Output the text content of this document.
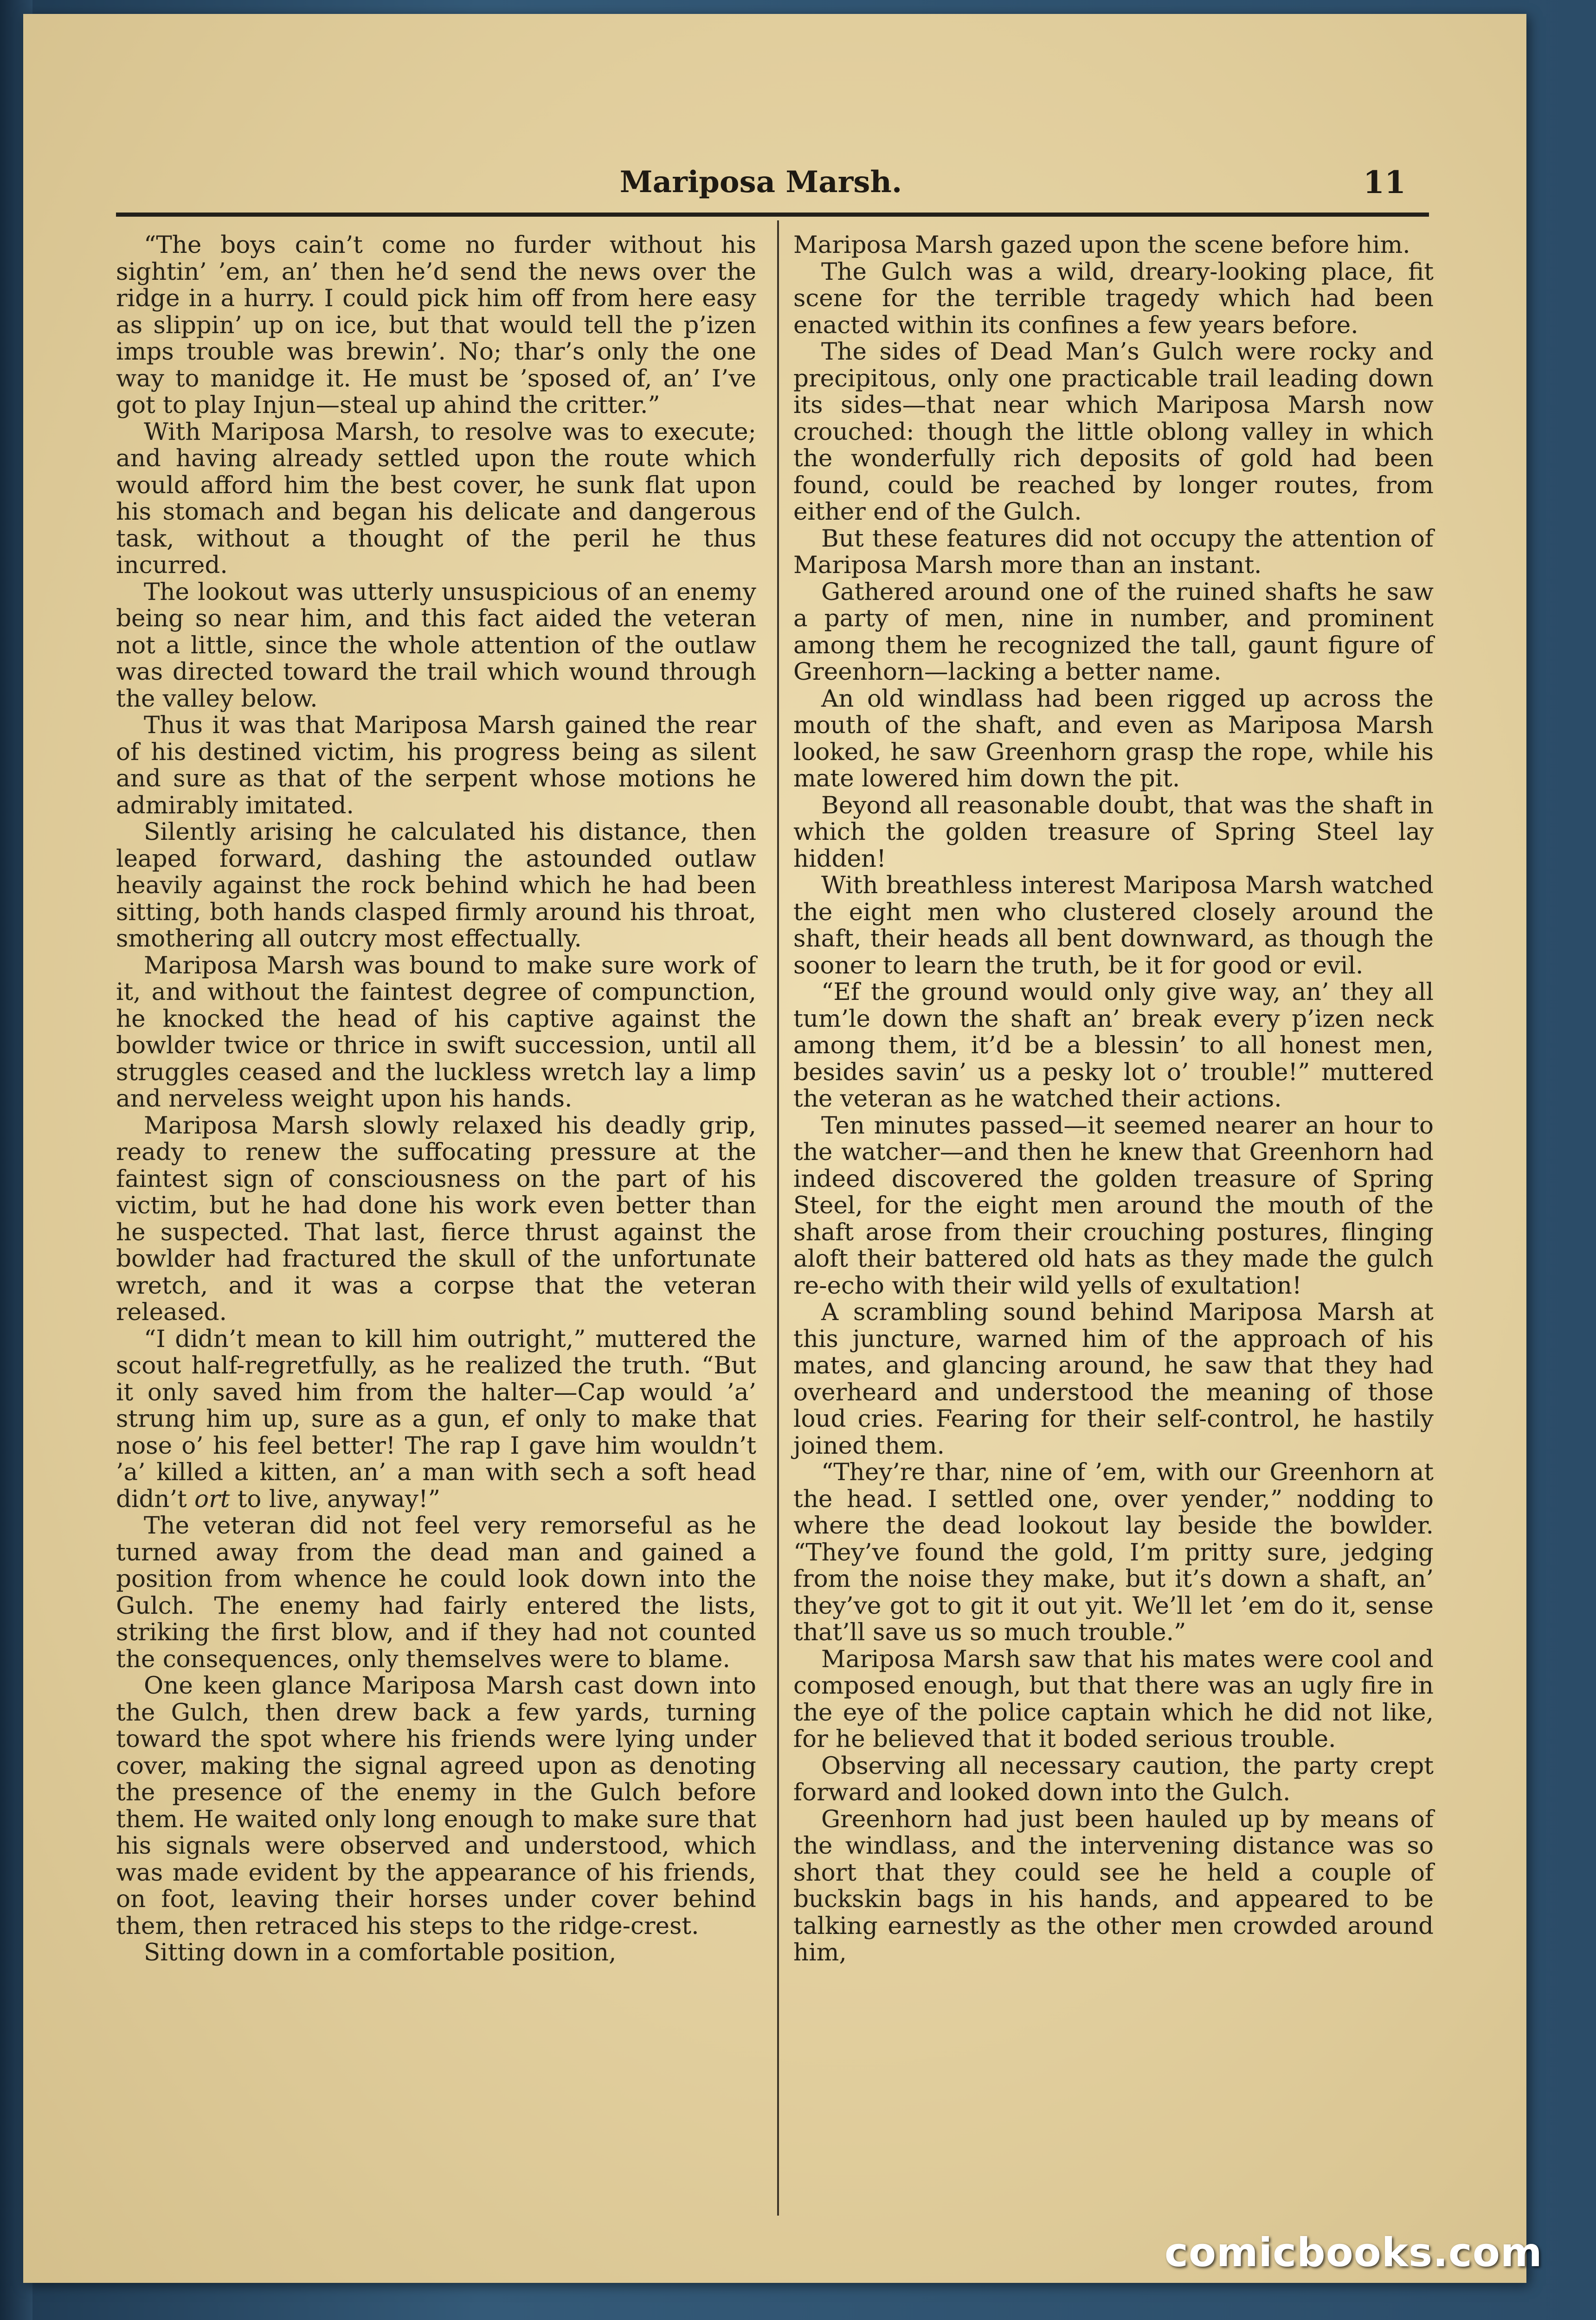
Mariposa Marsh.	11

“The boys cain’t come no furder without his sightin’ ’em, an’ then he’d send the news over the ridge in a hurry. I could pick him off from here easy as slippin’ up on ice, but that would tell the p’izen imps trouble was brewin’. No; thar’s only the one way to manidge it. He must be ’sposed of, an’ I’ve got to play Injun—steal up ahind the critter.”

With Mariposa Marsh, to resolve was to execute; and having already settled upon the route which would afford him the best cover, he sunk flat upon his stomach and began his delicate and dangerous task, without a thought of the peril he thus incurred.

The lookout was utterly unsuspicious of an enemy being so near him, and this fact aided the veteran not a little, since the whole attention of the outlaw was directed toward the trail which wound through the valley below.

Thus it was that Mariposa Marsh gained the rear of his destined victim, his progress being as silent and sure as that of the serpent whose motions he admirably imitated.

Silently arising he calculated his distance, then leaped forward, dashing the astounded outlaw heavily against the rock behind which he had been sitting, both hands clasped firmly around his throat, smothering all outcry most effectually.

Mariposa Marsh was bound to make sure work of it, and without the faintest degree of compunction, he knocked the head of his captive against the bowlder twice or thrice in swift succession, until all struggles ceased and the luckless wretch lay a limp and nerveless weight upon his hands.

Mariposa Marsh slowly relaxed his deadly grip, ready to renew the suffocating pressure at the faintest sign of consciousness on the part of his victim, but he had done his work even better than he suspected. That last, fierce thrust against the bowlder had fractured the skull of the unfortunate wretch, and it was a corpse that the veteran released.

“I didn’t mean to kill him outright,” muttered the scout half-regretfully, as he realized the truth. “But it only saved him from the halter—Cap would ’a’ strung him up, sure as a gun, ef only to make that nose o’ his feel better! The rap I gave him wouldn’t ’a’ killed a kitten, an’ a man with sech a soft head didn’t ort to live, anyway!”

The veteran did not feel very remorseful as he turned away from the dead man and gained a position from whence he could look down into the Gulch. The enemy had fairly entered the lists, striking the first blow, and if they had not counted the consequences, only themselves were to blame.

One keen glance Mariposa Marsh cast down into the Gulch, then drew back a few yards, turning toward the spot where his friends were lying under cover, making the signal agreed upon as denoting the presence of the enemy in the Gulch before them. He waited only long enough to make sure that his signals were observed and understood, which was made evident by the appearance of his friends, on foot, leaving their horses under cover behind them, then retraced his steps to the ridge-crest.

Sitting down in a comfortable position,

Mariposa Marsh gazed upon the scene before him.

The Gulch was a wild, dreary-looking place, fit scene for the terrible tragedy which had been enacted within its confines a few years before.

The sides of Dead Man’s Gulch were rocky and precipitous, only one practicable trail leading down its sides—that near which Mariposa Marsh now crouched: though the little oblong valley in which the wonderfully rich deposits of gold had been found, could be reached by longer routes, from either end of the Gulch.

But these features did not occupy the attention of Mariposa Marsh more than an instant.

Gathered around one of the ruined shafts he saw a party of men, nine in number, and prominent among them he recognized the tall, gaunt figure of Greenhorn—lacking a better name.

An old windlass had been rigged up across the mouth of the shaft, and even as Mariposa Marsh looked, he saw Greenhorn grasp the rope, while his mate lowered him down the pit.

Beyond all reasonable doubt, that was the shaft in which the golden treasure of Spring Steel lay hidden!

With breathless interest Mariposa Marsh watched the eight men who clustered closely around the shaft, their heads all bent downward, as though the sooner to learn the truth, be it for good or evil.

“Ef the ground would only give way, an’ they all tum’le down the shaft an’ break every p’izen neck among them, it’d be a blessin’ to all honest men, besides savin’ us a pesky lot o’ trouble!” muttered the veteran as he watched their actions.

Ten minutes passed—it seemed nearer an hour to the watcher—and then he knew that Greenhorn had indeed discovered the golden treasure of Spring Steel, for the eight men around the mouth of the shaft arose from their crouching postures, flinging aloft their battered old hats as they made the gulch re-echo with their wild yells of exultation!

A scrambling sound behind Mariposa Marsh at this juncture, warned him of the approach of his mates, and glancing around, he saw that they had overheard and understood the meaning of those loud cries. Fearing for their self-control, he hastily joined them.

“They’re thar, nine of ’em, with our Greenhorn at the head. I settled one, over yender,” nodding to where the dead lookout lay beside the bowlder. “They’ve found the gold, I’m pritty sure, jedging from the noise they make, but it’s down a shaft, an’ they’ve got to git it out yit. We’ll let ’em do it, sense that’ll save us so much trouble.”

Mariposa Marsh saw that his mates were cool and composed enough, but that there was an ugly fire in the eye of the police captain which he did not like, for he believed that it boded serious trouble.

Observing all necessary caution, the party crept forward and looked down into the Gulch.

Greenhorn had just been hauled up by means of the windlass, and the intervening distance was so short that they could see he held a couple of buckskin bags in his hands, and appeared to be talking earnestly as the other men crowded around him,

comicbooks.com
